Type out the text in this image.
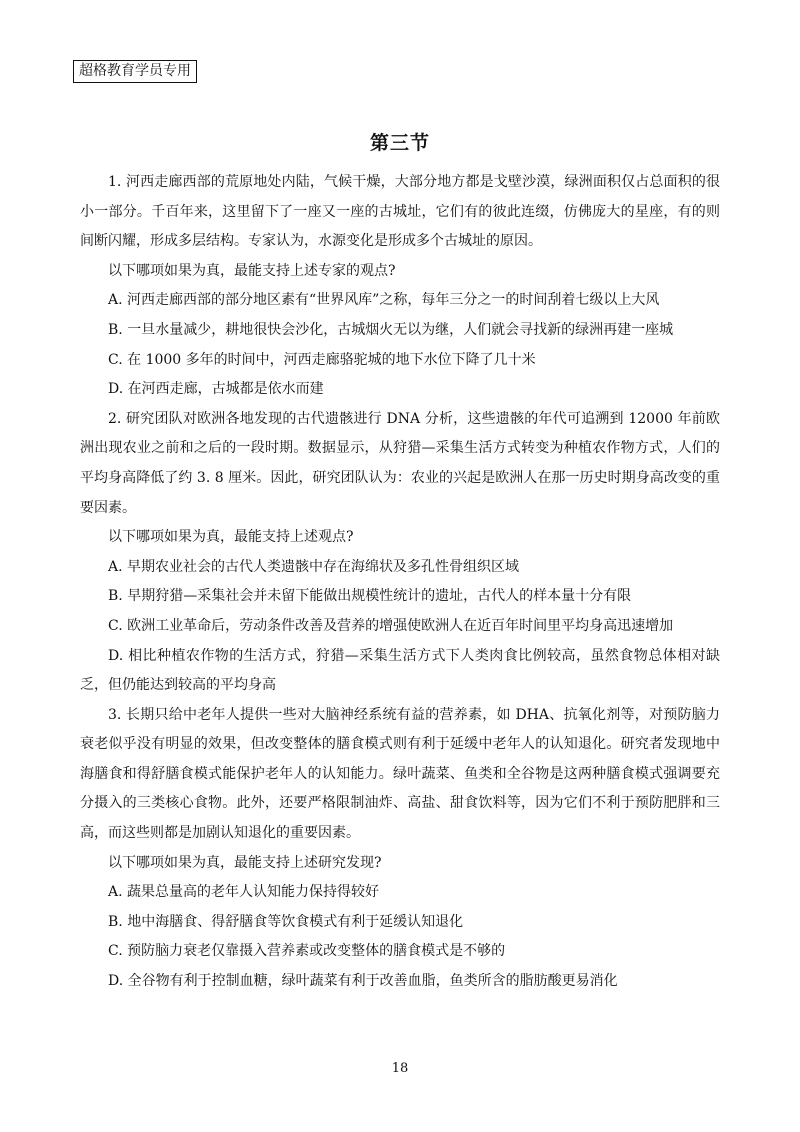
超格教育学员专用
第三节

1. 河西走廊西部的荒原地处内陆，气候干燥，大部分地方都是戈壁沙漠，绿洲面积仅占总面积的很小一部分。千百年来，这里留下了一座又一座的古城址，它们有的彼此连缀，仿佛庞大的星座，有的则间断闪耀，形成多层结构。专家认为，水源变化是形成多个古城址的原因。

以下哪项如果为真，最能支持上述专家的观点?

A. 河西走廊西部的部分地区素有“世界风库”之称，每年三分之一的时间刮着七级以上大风

B. 一旦水量减少，耕地很快会沙化，古城烟火无以为继，人们就会寻找新的绿洲再建一座城

C. 在 1000 多年的时间中，河西走廊骆驼城的地下水位下降了几十米

D. 在河西走廊，古城都是依水而建

2. 研究团队对欧洲各地发现的古代遗骸进行 DNA 分析，这些遗骸的年代可追溯到 12000 年前欧洲出现农业之前和之后的一段时期。数据显示，从狩猎—采集生活方式转变为种植农作物方式，人们的平均身高降低了约 3. 8 厘米。因此，研究团队认为：农业的兴起是欧洲人在那一历史时期身高改变的重要因素。

以下哪项如果为真，最能支持上述观点?

A. 早期农业社会的古代人类遗骸中存在海绵状及多孔性骨组织区域

B. 早期狩猎—采集社会并未留下能做出规模性统计的遗址，古代人的样本量十分有限

C. 欧洲工业革命后，劳动条件改善及营养的增强使欧洲人在近百年时间里平均身高迅速增加

D. 相比种植农作物的生活方式，狩猎—采集生活方式下人类肉食比例较高，虽然食物总体相对缺乏，但仍能达到较高的平均身高

3. 长期只给中老年人提供一些对大脑神经系统有益的营养素，如 DHA、抗氧化剂等，对预防脑力衰老似乎没有明显的效果，但改变整体的膳食模式则有利于延缓中老年人的认知退化。研究者发现地中海膳食和得舒膳食模式能保护老年人的认知能力。绿叶蔬菜、鱼类和全谷物是这两种膳食模式强调要充分摄入的三类核心食物。此外，还要严格限制油炸、高盐、甜食饮料等，因为它们不利于预防肥胖和三高，而这些则都是加剧认知退化的重要因素。

以下哪项如果为真，最能支持上述研究发现?

A. 蔬果总量高的老年人认知能力保持得较好

B. 地中海膳食、得舒膳食等饮食模式有利于延缓认知退化

C. 预防脑力衰老仅靠摄入营养素或改变整体的膳食模式是不够的

D. 全谷物有利于控制血糖，绿叶蔬菜有利于改善血脂，鱼类所含的脂肪酸更易消化

18
